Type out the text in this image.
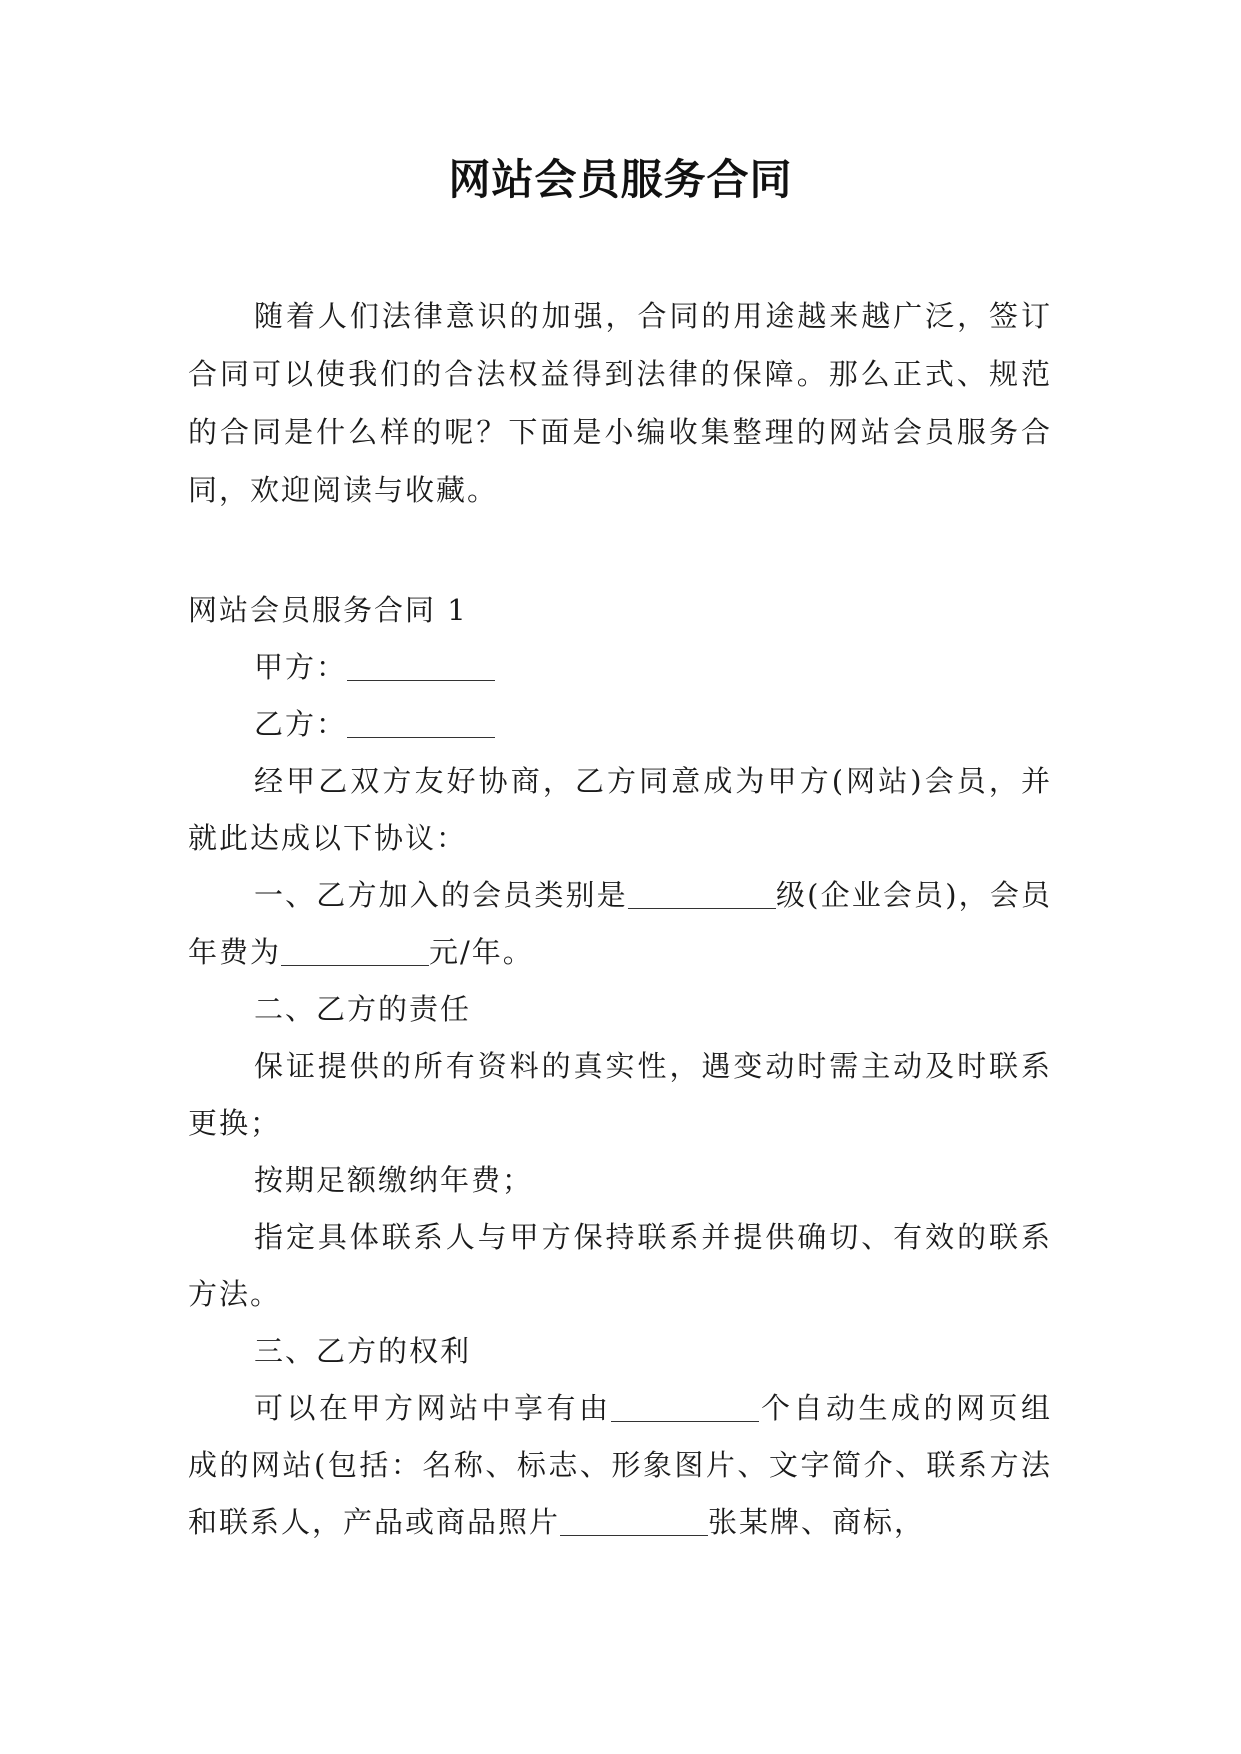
网站会员服务合同

随着人们法律意识的加强，合同的用途越来越广泛，签订合同可以使我们的合法权益得到法律的保障。那么正式、规范的合同是什么样的呢？下面是小编收集整理的网站会员服务合同，欢迎阅读与收藏。

网站会员服务合同 1

甲方：

乙方：

经甲乙双方友好协商，乙方同意成为甲方(网站)会员，并就此达成以下协议：

一、乙方加入的会员类别是	级(企业会员)，会员年费为	元/年。

二、乙方的责任

保证提供的所有资料的真实性，遇变动时需主动及时联系更换；

按期足额缴纳年费；

指定具体联系人与甲方保持联系并提供确切、有效的联系方法。

三、乙方的权利

可以在甲方网站中享有由	个自动生成的网页组成的网站(包括：名称、标志、形象图片、文字简介、联系方法和联系人，产品或商品照片	张某牌、商标，
